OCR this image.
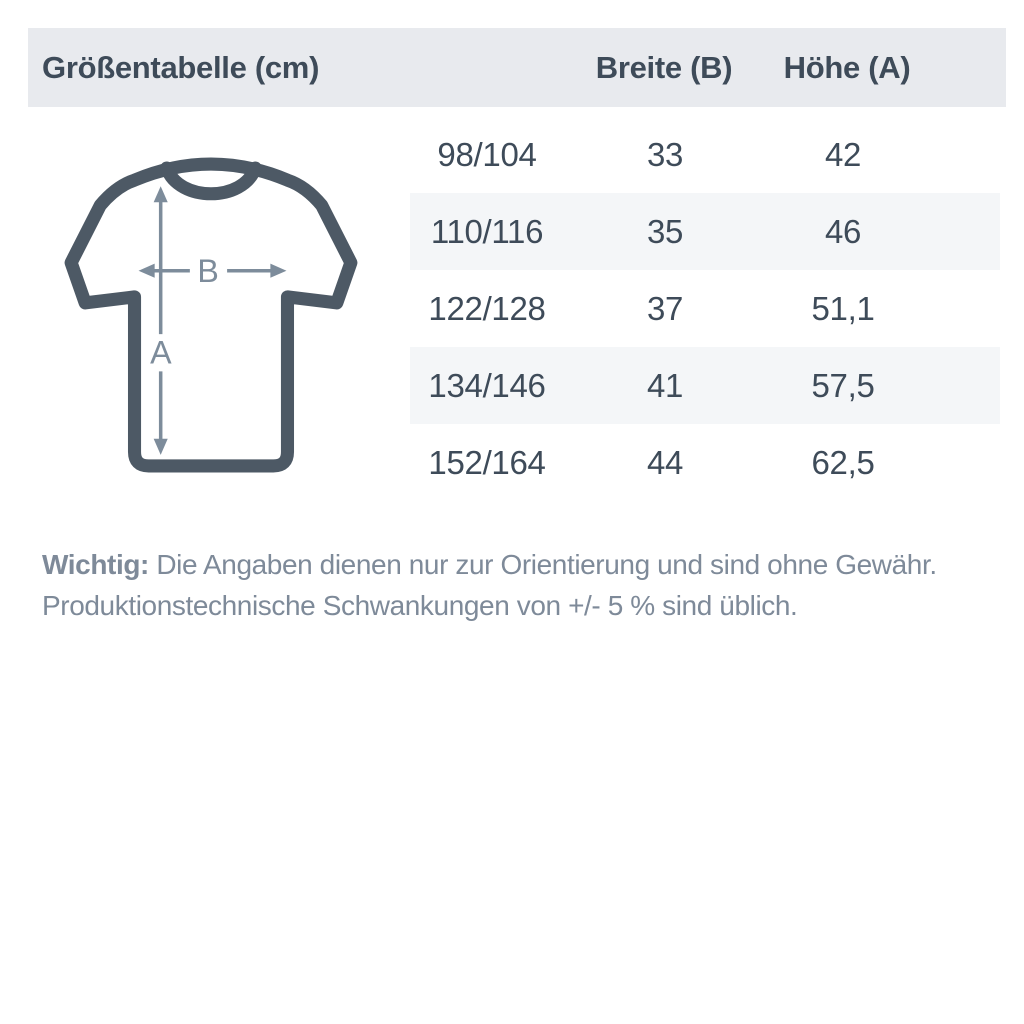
Größentabelle (cm)	Breite (B)	Höhe (A)
98/104	33	42
110/116	35	46
122/128	37	51,1
134/146	41	57,5
152/164	44	62,5
A
B

Wichtig: Die Angaben dienen nur zur Orientierung und sind ohne Gewähr.
Produktionstechnische Schwankungen von +/- 5 % sind üblich.
